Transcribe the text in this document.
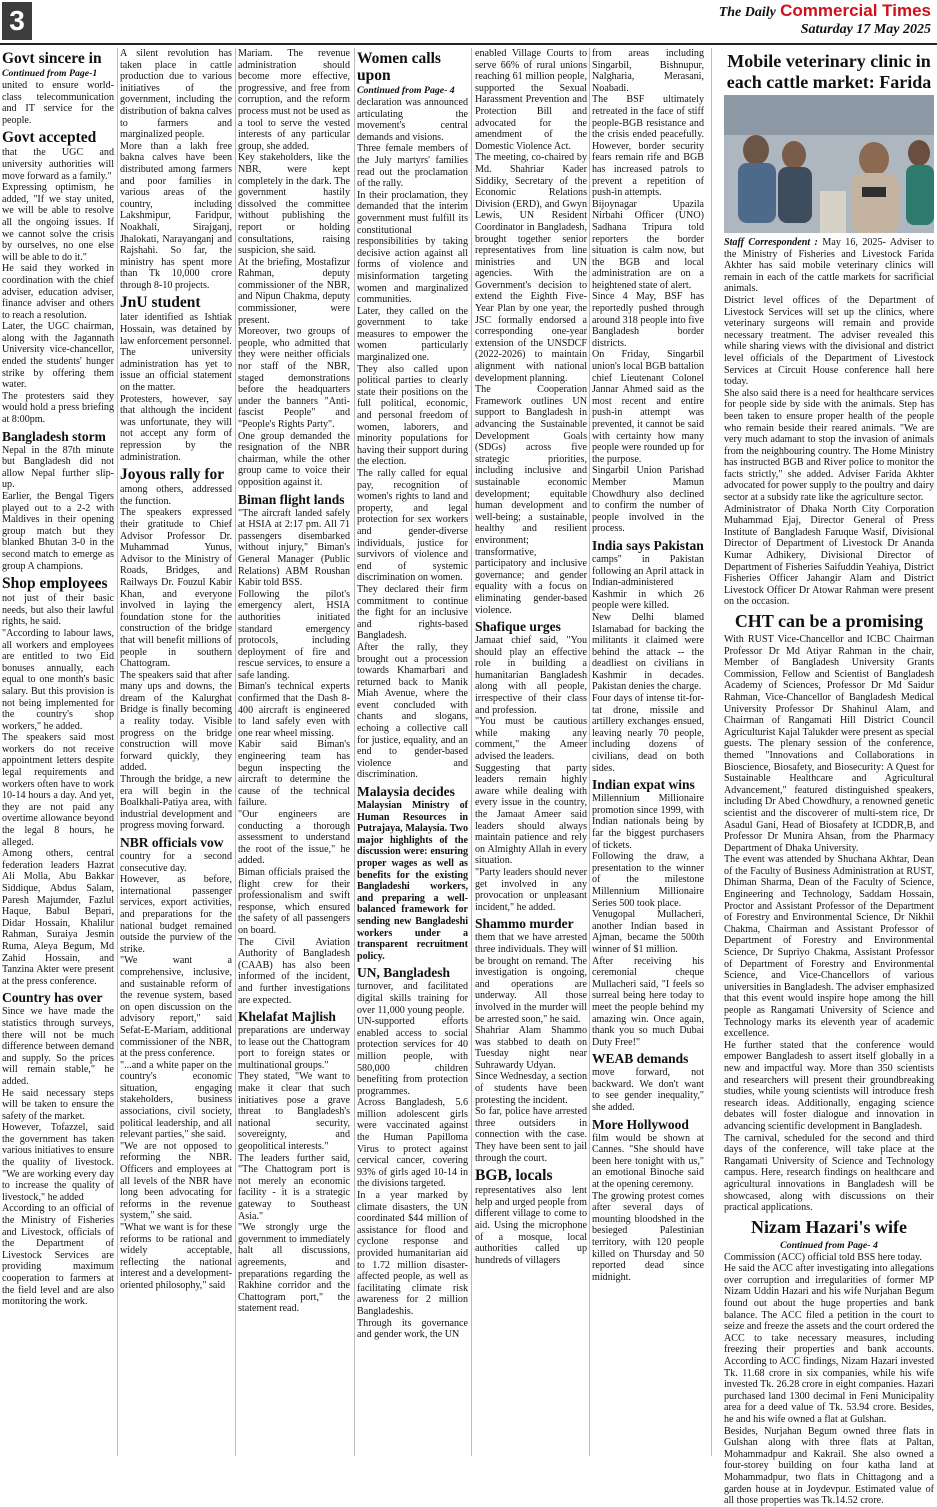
3	The Daily Commercial Times
Saturday 17 May 2025
Govt sincere in
Continued from Page-1

united to ensure world-class telecommunication and IT service for the people.

Govt accepted

that the UGC and university authorities will move forward as a family."

Expressing optimism, he added, "If we stay united, we will be able to resolve all the ongoing issues. If we cannot solve the crisis by ourselves, no one else will be able to do it."

He said they worked in coordination with the chief adviser, education adviser, finance adviser and others to reach a resolution.

Later, the UGC chairman, along with the Jagannath University vice-chancellor, ended the students' hunger strike by offering them water.

The protesters said they would hold a press briefing at 8:00pm.

Bangladesh storm

Nepal in the 87th minute but Bangladesh did not allow Nepal further slip-up.

Earlier, the Bengal Tigers played out to a 2-2 with Maldives in their opening group match but they blanked Bhutan 3-0 in the second match to emerge as group A champions.

Shop employees

not just of their basic needs, but also their lawful rights, he said.

"According to labour laws, all workers and employees are entitled to two Eid bonuses annually, each equal to one month's basic salary. But this provision is not being implemented for the country's shop workers," he added.

The speakers said most workers do not receive appointment letters despite legal requirements and workers often have to work 10-14 hours a day. And yet, they are not paid any overtime allowance beyond the legal 8 hours, he alleged.

Among others, central federation leaders Hazrat Ali Molla, Abu Bakkar Siddique, Abdus Salam, Paresh Majumder, Fazlul Haque, Babul Bepari, Didar Hossain, Khalilur Rahman, Suraiya Jesmin Ruma, Aleya Begum, Md Zahid Hossain, and Tanzina Akter were present at the press conference.

Country has over

Since we have made the statistics through surveys, there will not be much difference between demand and supply. So the prices will remain stable," he added.

He said necessary steps will be taken to ensure the safety of the market.

However, Tofazzel, said the government has taken various initiatives to ensure the quality of livestock. "We are working every day to increase the quality of livestock," he added

According to an official of the Ministry of Fisheries and Livestock, officials of the Department of Livestock Services are providing maximum cooperation to farmers at the field level and are also monitoring the work.

A silent revolution has taken place in cattle production due to various initiatives of the government, including the distribution of bakna calves to farmers and marginalized people.

More than a lakh free bakna calves have been distributed among farmers and poor families in various areas of the country, including Lakshmipur, Faridpur, Noakhali, Sirajganj, Jhalokati, Narayanganj and Rajshahi. So far, the ministry has spent more than Tk 10,000 crore through 8-10 projects.

JnU student

later identified as Ishtiak Hossain, was detained by law enforcement personnel.

The university administration has yet to issue an official statement on the matter.

Protesters, however, say that although the incident was unfortunate, they will not accept any form of repression by the administration.

Joyous rally for

among others, addressed the function.

The speakers expressed their gratitude to Chief Advisor Professor Dr. Muhammad Yunus, Advisor to the Ministry of Roads, Bridges, and Railways Dr. Fouzul Kabir Khan, and everyone involved in laying the foundation stone for the construction of the bridge that will benefit millions of people in southern Chattogram.

The speakers said that after many ups and downs, the dream of the Kalurghat Bridge is finally becoming a reality today. Visible progress on the bridge construction will move forward quickly, they added.

Through the bridge, a new era will begin in the Boalkhali-Patiya area, with industrial development and progress moving forward.

NBR officials vow

country for a second consecutive day.

However, as before, international passenger services, export activities, and preparations for the national budget remained outside the purview of the strike.

"We want a comprehensive, inclusive, and sustainable reform of the revenue system, based on open discussion on the advisory report," said Sefat-E-Mariam, additional commissioner of the NBR, at the press conference.

"...and a white paper on the country's economic situation, engaging stakeholders, business associations, civil society, political leadership, and all relevant parties," she said.

"We are not opposed to reforming the NBR. Officers and employees at all levels of the NBR have long been advocating for reforms in the revenue system," she said.

"What we want is for these reforms to be rational and widely acceptable, reflecting the national interest and a development-oriented philosophy," said

Mariam. The revenue administration should become more effective, progressive, and free from corruption, and the reform process must not be used as a tool to serve the vested interests of any particular group, she added.

Key stakeholders, like the NBR, were kept completely in the dark. The government hastily dissolved the committee without publishing the report or holding consultations, raising suspicion, she said.

At the briefing, Mostafizur Rahman, deputy commissioner of the NBR, and Nipun Chakma, deputy commissioner, were present.

Moreover, two groups of people, who admitted that they were neither officials nor staff of the NBR, staged demonstrations before the headquarters under the banners "Anti-fascist People" and "People's Rights Party".

One group demanded the resignation of the NBR chairman, while the other group came to voice their opposition against it.

Biman flight lands

"The aircraft landed safely at HSIA at 2:17 pm. All 71 passengers disembarked without injury," Biman's General Manager (Public Relations) ABM Roushan Kabir told BSS.

Following the pilot's emergency alert, HSIA authorities initiated standard emergency protocols, including deployment of fire and rescue services, to ensure a safe landing.

Biman's technical experts confirmed that the Dash 8-400 aircraft is engineered to land safely even with one rear wheel missing.

Kabir said Biman's engineering team has begun inspecting the aircraft to determine the cause of the technical failure.

"Our engineers are conducting a thorough assessment to understand the root of the issue," he added.

Biman officials praised the flight crew for their professionalism and swift response, which ensured the safety of all passengers on board.

The Civil Aviation Authority of Bangladesh (CAAB) has also been informed of the incident, and further investigations are expected.

Khelafat Majlish

preparations are underway to lease out the Chattogram port to foreign states or multinational groups."

They stated, "We want to make it clear that such initiatives pose a grave threat to Bangladesh's national security, sovereignty, and geopolitical interests."

The leaders further said, "The Chattogram port is not merely an economic facility - it is a strategic gateway to Southeast Asia."

"We strongly urge the government to immediately halt all discussions, agreements, and preparations regarding the Rakhine corridor and the Chattogram port," the statement read.

Women calls upon
Continued from Page- 4

declaration was announced articulating the movement's central demands and visions.

Three female members of the July martyrs' families read out the proclamation of the rally.

In their proclamation, they demanded that the interim government must fulfill its constitutional responsibilities by taking decisive action against all forms of violence and misinformation targeting women and marginalized communities.

Later, they called on the government to take measures to empower the women particularly marginalized one.

They also called upon political parties to clearly state their positions on the full political, economic, and personal freedom of women, laborers, and minority populations for having their support during the election.

The rally called for equal pay, recognition of women's rights to land and property, and legal protection for sex workers and gender-diverse individuals, justice for survivors of violence and end of systemic discrimination on women.

They declared their firm commitment to continue the fight for an inclusive and rights-based Bangladesh.

After the rally, they brought out a procession towards Khamarbari and returned back to Manik Miah Avenue, where the event concluded with chants and slogans, echoing a collective call for justice, equality, and an end to gender-based violence and discrimination.

Malaysia decides

Malaysian Ministry of Human Resources in Putrajaya, Malaysia. Two major highlights of the discussion were: ensuring proper wages as well as benefits for the existing Bangladeshi workers, and preparing a well-balanced framework for sending new Bangladeshi workers under a transparent recruitment policy.

UN, Bangladesh

turnover, and facilitated digital skills training for over 11,000 young people.

UN-supported efforts enabled access to social protection services for 40 million people, with 580,000 children benefiting from protection programmes.

Across Bangladesh, 5.6 million adolescent girls were vaccinated against the Human Papilloma Virus to protect against cervical cancer, covering 93% of girls aged 10-14 in the divisions targeted.

In a year marked by climate disasters, the UN coordinated $44 million of assistance for flood and cyclone response and provided humanitarian aid to 1.72 million disaster-affected people, as well as facilitating climate risk awareness for 2 million Bangladeshis.

Through its governance and gender work, the UN

enabled Village Courts to serve 66% of rural unions reaching 61 million people, supported the Sexual Harassment Prevention and Protection Bill and advocated for the amendment of the Domestic Violence Act.

The meeting, co-chaired by Md. Shahriar Kader Siddiky, Secretary of the Economic Relations Division (ERD), and Gwyn Lewis, UN Resident Coordinator in Bangladesh, brought together senior representatives from line ministries and UN agencies. With the Government's decision to extend the Eighth Five-Year Plan by one year, the JSC formally endorsed a corresponding one-year extension of the UNSDCF (2022-2026) to maintain alignment with national development planning.

The Cooperation Framework outlines UN support to Bangladesh in advancing the Sustainable Development Goals (SDGs) across five strategic priorities, including inclusive and sustainable economic development; equitable human development and well-being; a sustainable, healthy and resilient environment; transformative, participatory and inclusive governance; and gender equality with a focus on eliminating gender-based violence.

Shafique urges

Jamaat chief said, "You should play an effective role in building a humanitarian Bangladesh along with all people, irrespective of their class and profession.

"You must be cautious while making any comment," the Ameer advised the leaders.

Suggesting that party leaders remain highly aware while dealing with every issue in the country, the Jamaat Ameer said leaders should always maintain patience and rely on Almighty Allah in every situation.

"Party leaders should never get involved in any provocation or unpleasant incident," he added.

Shammo murder

them that we have arrested three individuals. They will be brought on remand. The investigation is ongoing, and operations are underway. All those involved in the murder will be arrested soon," he said.

Shahriar Alam Shammo was stabbed to death on Tuesday night near Suhrawardy Udyan.

Since Wednesday, a section of students have been protesting the incident.

So far, police have arrested three outsiders in connection with the case. They have been sent to jail through the court.

BGB, locals

representatives also lent help and urged people from different village to come to aid. Using the microphone of a mosque, local authorities called up hundreds of villagers

from areas including Singarbil, Bishnupur, Nalgharia, Merasani, Noabadi.

The BSF ultimately retreated in the face of stiff people-BGB resistance and the crisis ended peacefully. However, border security fears remain rife and BGB has increased patrols to prevent a repetition of push-in attempts.

Bijoynagar Upazila Nirbahi Officer (UNO) Sadhana Tripura told reporters the border situation is calm now, but the BGB and local administration are on a heightened state of alert.

Since 4 May, BSF has reportedly pushed through around 318 people into five Bangladesh border districts.

On Friday, Singarbil union's local BGB battalion chief Lieutenant Colonel Jannar Ahmed said as the most recent and entire push-in attempt was prevented, it cannot be said with certainty how many people were rounded up for the purpose.

Singarbil Union Parishad Member Mamun Chowdhury also declined to confirm the number of people involved in the process.

India says Pakistan

camps" in Pakistan following an April attack in Indian-administered Kashmir in which 26 people were killed.

New Delhi blamed Islamabad for backing the militants it claimed were behind the attack -- the deadliest on civilians in Kashmir in decades. Pakistan denies the charge.

Four days of intense tit-for-tat drone, missile and artillery exchanges ensued, leaving nearly 70 people, including dozens of civilians, dead on both sides.

Indian expat wins

Millennium Millionaire promotion since 1999, with Indian nationals being by far the biggest purchasers of tickets.

Following the draw, a presentation to the winner of the milestone Millennium Millionaire Series 500 took place.

Venugopal Mullacheri, another Indian based in Ajman, became the 500th winner of $1 million.

After receiving his ceremonial cheque Mullacheri said, "I feels so surreal being here today to meet the people behind my amazing win. Once again, thank you so much Dubai Duty Free!"

WEAB demands

move forward, not backward. We don't want to see gender inequality," she added.

More Hollywood

film would be shown at Cannes. "She should have been here tonight with us," an emotional Binoche said at the opening ceremony.

The growing protest comes after several days of mounting bloodshed in the besieged Palestinian territory, with 120 people killed on Thursday and 50 reported dead since midnight.

Mobile veterinary clinic in each cattle market: Farida

Staff Correspondent : May 16, 2025- Adviser to the Ministry of Fisheries and Livestock Farida Akhter has said mobile veterinary clinics will remain in each of the cattle markets for sacrificial animals.

District level offices of the Department of Livestock Services will set up the clinics, where veterinary surgeons will remain and provide necessary treatment. The adviser revealed this while sharing views with the divisional and district level officials of the Department of Livestock Services at Circuit House conference hall here today.

She also said there is a need for healthcare services for people side by side with the animals. Step has been taken to ensure proper health of the people who remain beside their reared animals. "We are very much adamant to stop the invasion of animals from the neighbouring country. The Home Ministry has instructed BGB and River police to monitor the facts strictly," she added. Adviser Farida Akhter advocated for power supply to the poultry and dairy sector at a subsidy rate like the agriculture sector.

Administrator of Dhaka North City Corporation Muhammad Ejaj, Director General of Press Institute of Bangladesh Faruque Wasif, Divisional Director of Department of Livestock Dr Ananda Kumar Adhikery, Divisional Director of Department of Fisheries Saifuddin Yeahiya, District Fisheries Officer Jahangir Alam and District Livestock Officer Dr Atowar Rahman were present on the occasion.

CHT can be a promising

With RUST Vice-Chancellor and ICBC Chairman Professor Dr Md Atiyar Rahman in the chair, Member of Bangladesh University Grants Commission, Fellow and Scientist of Bangladesh Academy of Sciences, Professor Dr Md Saidur Rahman, Vice-Chancellor of Bangladesh Medical University Professor Dr Shahinul Alam, and Chairman of Rangamati Hill District Council Agriculturist Kajal Talukder were present as special guests. The plenary session of the conference, themed "Innovations and Collaborations in Bioscience, Biosafety, and Biosecurity: A Quest for Sustainable Healthcare and Agricultural Advancement," featured distinguished speakers, including Dr Abed Chowdhury, a renowned genetic scientist and the discoverer of multi-stem rice, Dr Asadul Gani, Head of Biosafety at ICDDR,B, and Professor Dr Munira Ahsan, from the Pharmacy Department of Dhaka University.

The event was attended by Shuchana Akhtar, Dean of the Faculty of Business Administration at RUST, Dhiman Sharma, Dean of the Faculty of Science, Engineering and Technology, Saddam Hossain, Proctor and Assistant Professor of the Department of Forestry and Environmental Science, Dr Nikhil Chakma, Chairman and Assistant Professor of Department of Forestry and Environmental Science, Dr Supriyo Chakma, Assistant Professor of Department of Forestry and Environmental Science, and Vice-Chancellors of various universities in Bangladesh. The adviser emphasized that this event would inspire hope among the hill people as Rangamati University of Science and Technology marks its eleventh year of academic excellence.

He further stated that the conference would empower Bangladesh to assert itself globally in a new and impactful way. More than 350 scientists and researchers will present their groundbreaking studies, while young scientists will introduce fresh research ideas. Additionally, engaging science debates will foster dialogue and innovation in advancing scientific development in Bangladesh.

The carnival, scheduled for the second and third days of the conference, will take place at the Rangamati University of Science and Technology campus. Here, research findings on healthcare and agricultural innovations in Bangladesh will be showcased, along with discussions on their practical applications.

Nizam Hazari's wife
Continued from Page- 4

Commission (ACC) official told BSS here today.

He said the ACC after investigating into allegations over corruption and irregularities of former MP Nizam Uddin Hazari and his wife Nurjahan Begum found out about the huge properties and bank balance. The ACC filed a petition in the court to seize and freeze the assets and the court ordered the ACC to take necessary measures, including freezing their properties and bank accounts. According to ACC findings, Nizam Hazari invested Tk. 11.68 crore in six companies, while his wife invested Tk. 26.28 crore in eight companies. Hazari purchased land 1300 decimal in Feni Municipality area for a deed value of Tk. 53.94 crore. Besides, he and his wife owned a flat at Gulshan.

Besides, Nurjahan Begum owned three flats in Gulshan along with three flats at Paltan, Mohammadpur and Kakrail. She also owned a four-storey building on four katha land at Mohammadpur, two flats in Chittagong and a garden house at in Joydevpur. Estimated value of all those properties was Tk.14.52 crore.
